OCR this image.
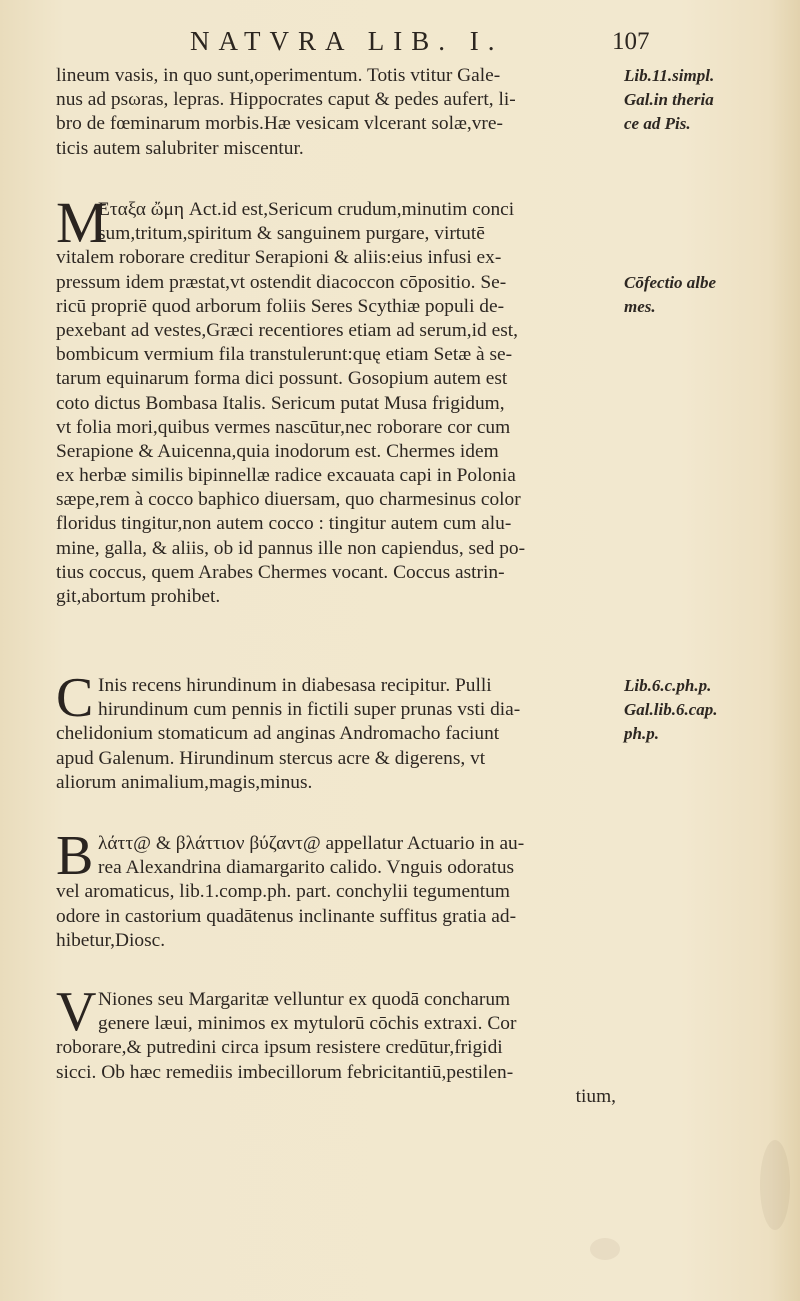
NATVRA LIB. I.	107
lineum vasis, in quo sunt,operimentum. Totis vtitur Gale-
nus ad psωras, lepras. Hippocrates caput & pedes aufert, li-
bro de fœminarum morbis.Hæ vesicam vlcerant solæ,vre-
ticis autem salubriter miscentur.
M
Εταξα ὤμη Act.id est,Sericum crudum,minutim conci
sum,tritum,spiritum & sanguinem purgare, virtutē
vitalem roborare creditur Serapioni & aliis:eius infusi ex-
pressum idem præstat,vt ostendit diacoccon cōpositio. Se-
ricū propriē quod arborum foliis Seres Scythiæ populi de-
pexebant ad vestes,Græci recentiores etiam ad serum,id est,
bombicum vermium fila transtulerunt:quę etiam Setæ à se-
tarum equinarum forma dici possunt. Gosopium autem est
coto dictus Bombasa Italis. Sericum putat Musa frigidum,
vt folia mori,quibus vermes nascūtur,nec roborare cor cum
Serapione & Auicenna,quia inodorum est. Chermes idem
ex herbæ similis bipinnellæ radice excauata capi in Polonia
sæpe,rem à cocco baphico diuersam, quo charmesinus color
floridus tingitur,non autem cocco : tingitur autem cum alu-
mine, galla, & aliis, ob id pannus ille non capiendus, sed po-
tius coccus, quem Arabes Chermes vocant. Coccus astrin-
git,abortum prohibet.
C Inis recens hirundinum in diabesasa recipitur. Pulli
hirundinum cum pennis in fictili super prunas vsti dia-
chelidonium stomaticum ad anginas Andromacho faciunt
apud Galenum. Hirundinum stercus acre & digerens, vt
aliorum animalium,magis,minus.
B λάττ@ & βλάττιον βύζαντ@ appellatur Actuario in au-
rea Alexandrina diamargarito calido. Vnguis odoratus
vel aromaticus, lib.1.comp.ph. part. conchylii tegumentum
odore in castorium quadātenus inclinante suffitus gratia ad-
hibetur,Diosc.
V Niones seu Margaritæ velluntur ex quodā concharum
genere læui, minimos ex mytulorū cōchis extraxi. Cor
roborare,& putredini circa ipsum resistere credūtur,frigidi
sicci. Ob hæc remediis imbecillorum febricitantiū,pestilen-
tium,
Lib.11.simpl.
Gal.in theria
ce ad Pis.
Cōfectio albe
mes.
Lib.6.c.ph.p.
Gal.lib.6.cap.
ph.p.
